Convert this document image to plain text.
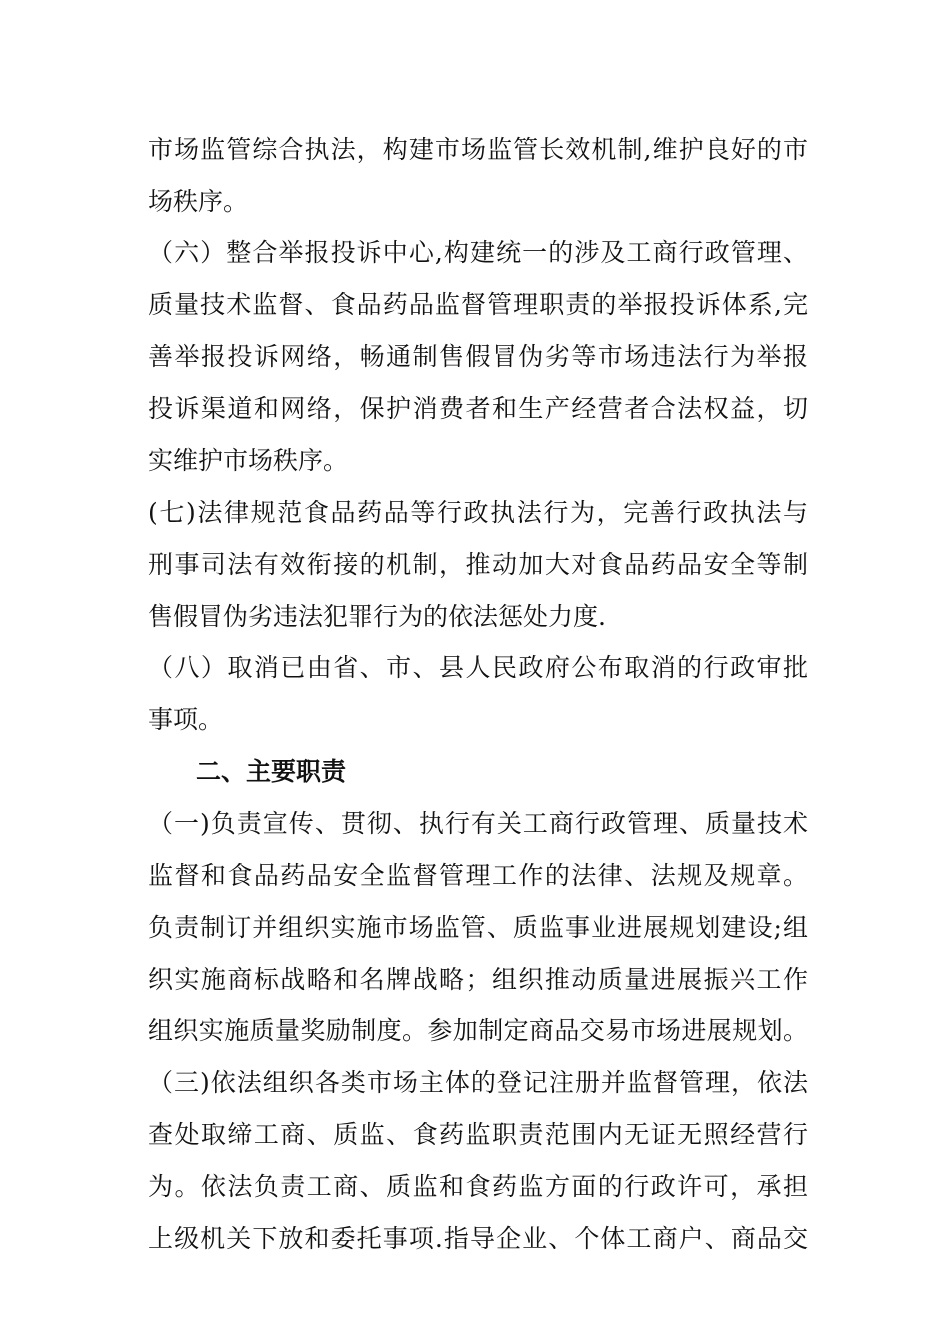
市场监管综合执法，构建市场监管长效机制,维护良好的市
场秩序。
（六）整合举报投诉中心,构建统一的涉及工商行政管理、
质量技术监督、食品药品监督管理职责的举报投诉体系,完
善举报投诉网络，畅通制售假冒伪劣等市场违法行为举报
投诉渠道和网络，保护消费者和生产经营者合法权益，切
实维护市场秩序。
(七)法律规范食品药品等行政执法行为，完善行政执法与
刑事司法有效衔接的机制，推动加大对食品药品安全等制
售假冒伪劣违法犯罪行为的依法惩处力度.
（八）取消已由省、市、县人民政府公布取消的行政审批
事项。
二、主要职责
（一)负责宣传、贯彻、执行有关工商行政管理、质量技术
监督和食品药品安全监督管理工作的法律、法规及规章。
负责制订并组织实施市场监管、质监事业进展规划建设;组
织实施商标战略和名牌战略；组织推动质量进展振兴工作
组织实施质量奖励制度。参加制定商品交易市场进展规划。
（三)依法组织各类市场主体的登记注册并监督管理，依法
查处取缔工商、质监、食药监职责范围内无证无照经营行
为。依法负责工商、质监和食药监方面的行政许可，承担
上级机关下放和委托事项.指导企业、个体工商户、商品交
